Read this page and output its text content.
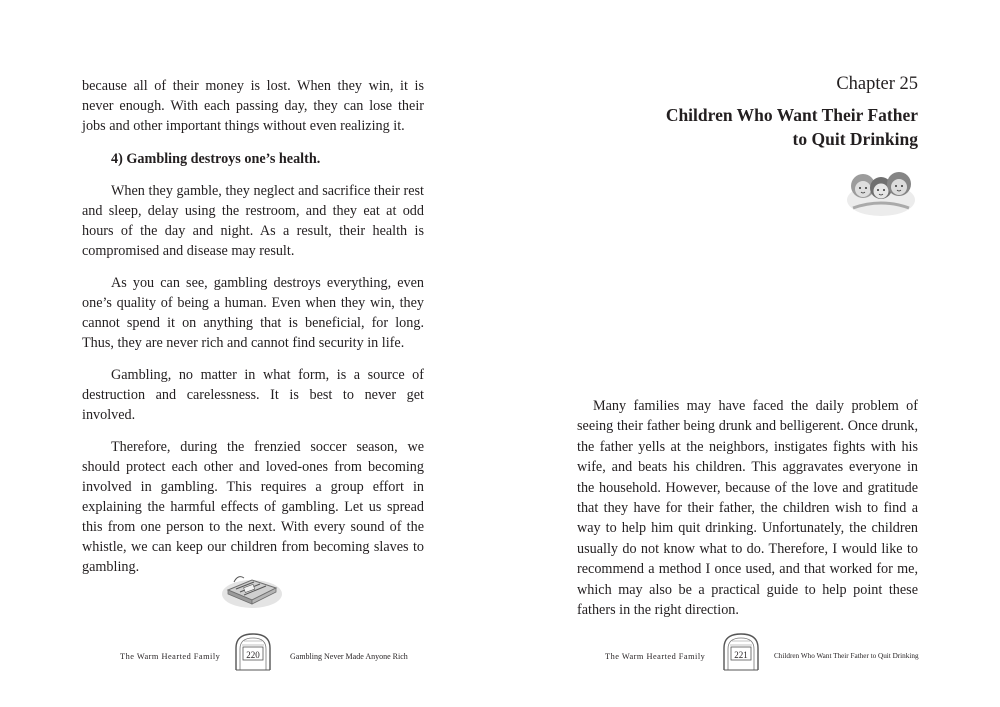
because all of their money is lost. When they win, it is never enough. With each passing day, they can lose their jobs and other important things without even realizing it.

4) Gambling destroys one’s health.

When they gamble, they neglect and sacrifice their rest and sleep, delay using the restroom, and they eat at odd hours of the day and night. As a result, their health is compromised and disease may result.

As you can see, gambling destroys everything, even one’s quality of being a human. Even when they win, they cannot spend it on anything that is beneficial, for long. Thus, they are never rich and cannot find security in life.

Gambling, no matter in what form, is a source of destruction and carelessness. It is best to never get involved.

Therefore, during the frenzied soccer season, we should protect each other and loved-ones from becoming involved in gambling. This requires a group effort in explaining the harmful effects of gambling. Let us spread this from one person to the next. With every sound of the whistle, we can keep our children from becoming slaves to gambling.

The Warm Hearted Family	220	Gambling Never Made Anyone Rich
Chapter 25
Children Who Want Their Father
to Quit Drinking

Many families may have faced the daily problem of seeing their father being drunk and belligerent. Once drunk, the father yells at the neighbors, instigates fights with his wife, and beats his children. This aggravates everyone in the household. However, because of the love and gratitude that they have for their father, the children wish to find a way to help him quit drinking. Unfortunately, the children usually do not know what to do. Therefore, I would like to recommend a method I once used, and that worked for me, which may also be a practical guide to help point these fathers in the right direction.

The Warm Hearted Family	221	Children Who Want Their Father to Quit Drinking
